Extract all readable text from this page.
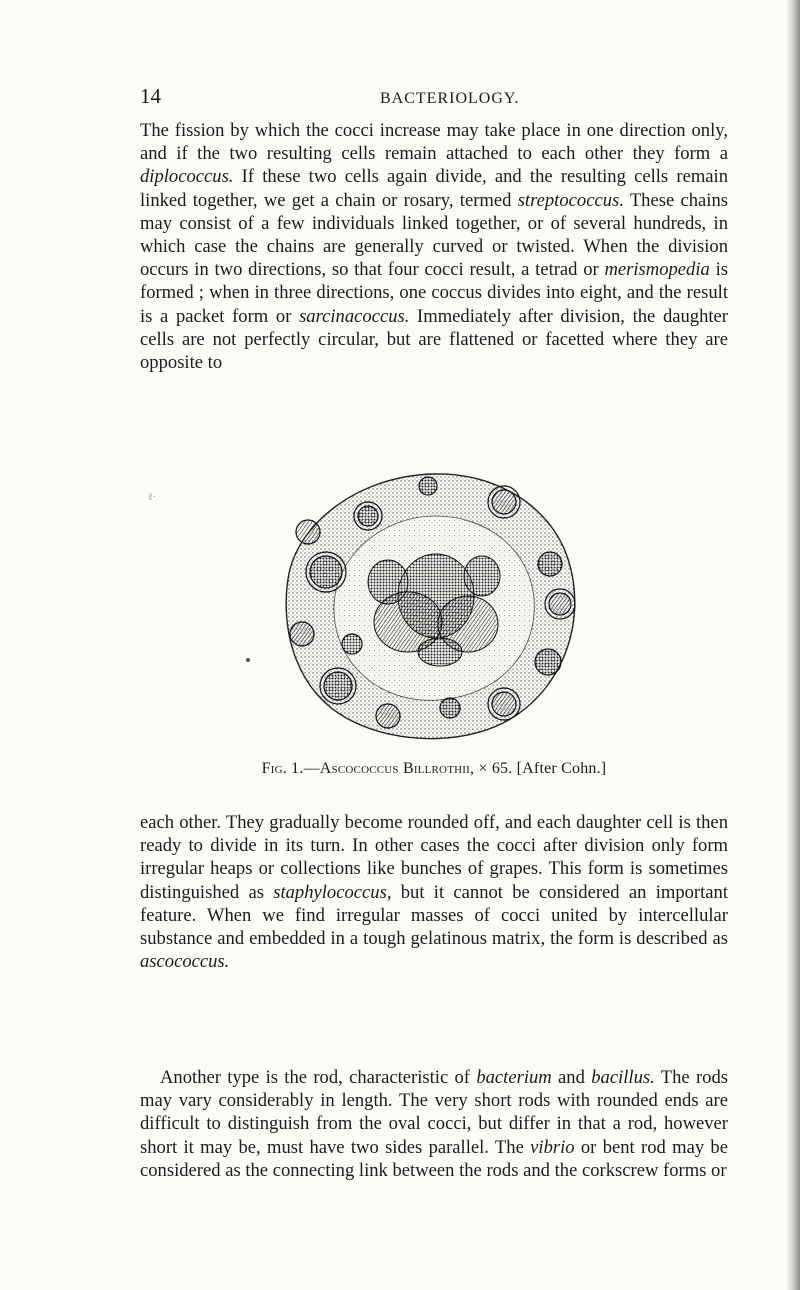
14	BACTERIOLOGY.

The fission by which the cocci increase may take place in one direction only, and if the two resulting cells remain attached to each other they form a diplococcus. If these two cells again divide, and the resulting cells remain linked together, we get a chain or rosary, termed streptococcus. These chains may consist of a few individuals linked together, or of several hundreds, in which case the chains are generally curved or twisted. When the division occurs in two directions, so that four cocci result, a tetrad or merismopedia is formed ; when in three directions, one coccus divides into eight, and the result is a packet form or sarcinacoccus. Immediately after division, the daughter cells are not perfectly circular, but are flattened or facetted where they are opposite to

ℓ·
Fig. 1.—Ascococcus Billrothii, × 65. [After Cohn.]

each other. They gradually become rounded off, and each daughter cell is then ready to divide in its turn. In other cases the cocci after division only form irregular heaps or collections like bunches of grapes. This form is sometimes distinguished as staphylococcus, but it cannot be considered an important feature. When we find irregular masses of cocci united by intercellular substance and embedded in a tough gelatinous matrix, the form is described as ascococcus.

Another type is the rod, characteristic of bacterium and bacillus. The rods may vary considerably in length. The very short rods with rounded ends are difficult to distinguish from the oval cocci, but differ in that a rod, however short it may be, must have two sides parallel. The vibrio or bent rod may be considered as the connecting link between the rods and the corkscrew forms or
